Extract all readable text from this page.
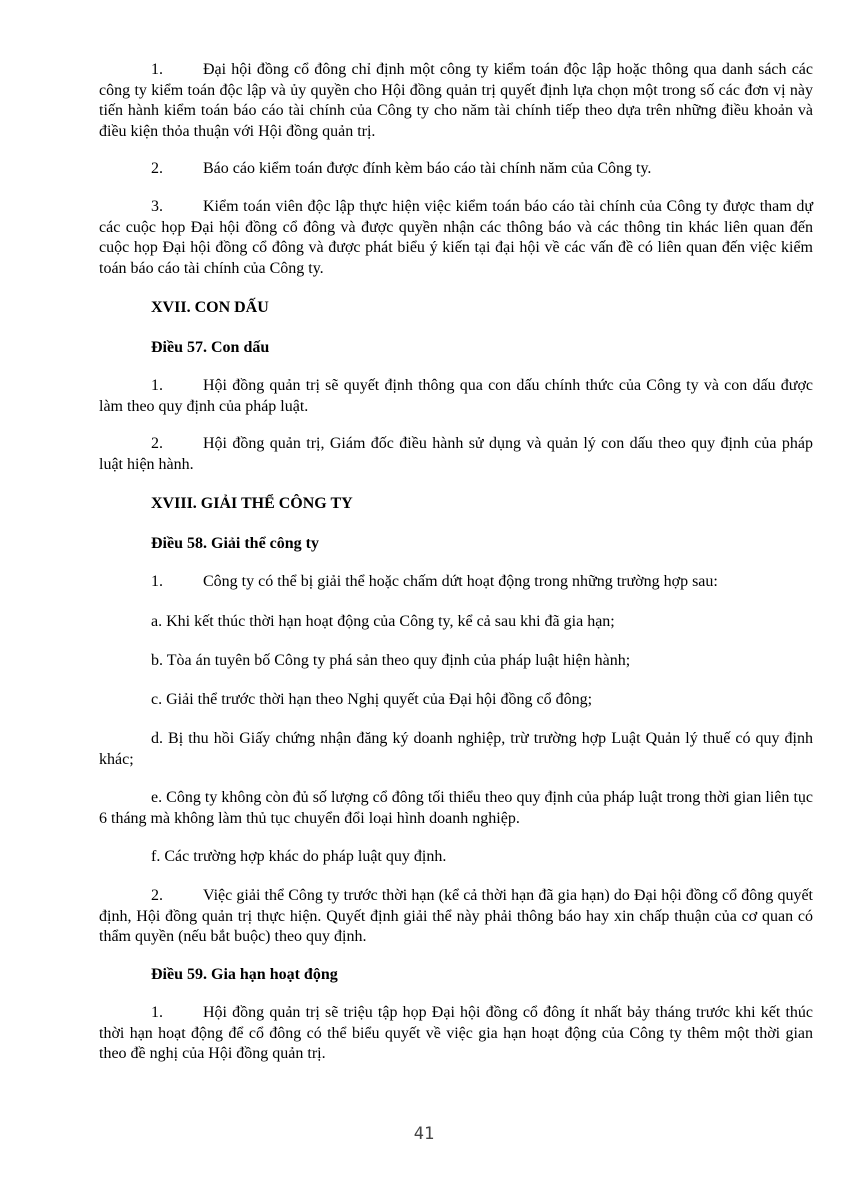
1.	Đại hội đồng cổ đông chỉ định một công ty kiểm toán độc lập hoặc thông qua danh sách các công ty kiểm toán độc lập và ủy quyền cho Hội đồng quản trị quyết định lựa chọn một trong số các đơn vị này tiến hành kiểm toán báo cáo tài chính của Công ty cho năm tài chính tiếp theo dựa trên những điều khoản và điều kiện thỏa thuận với Hội đồng quản trị.

2.	Báo cáo kiểm toán được đính kèm báo cáo tài chính năm của Công ty.

3.	Kiểm toán viên độc lập thực hiện việc kiểm toán báo cáo tài chính của Công ty được tham dự các cuộc họp Đại hội đồng cổ đông và được quyền nhận các thông báo và các thông tin khác liên quan đến cuộc họp Đại hội đồng cổ đông và được phát biểu ý kiến tại đại hội về các vấn đề có liên quan đến việc kiểm toán báo cáo tài chính của Công ty.

XVII. CON DẤU
Điều 57. Con dấu

1.	Hội đồng quản trị sẽ quyết định thông qua con dấu chính thức của Công ty và con dấu được làm theo quy định của pháp luật.

2.	Hội đồng quản trị, Giám đốc điều hành sử dụng và quản lý con dấu theo quy định của pháp luật hiện hành.

XVIII. GIẢI THỂ CÔNG TY
Điều 58. Giải thể công ty

1.	Công ty có thể bị giải thể hoặc chấm dứt hoạt động trong những trường hợp sau:

a. Khi kết thúc thời hạn hoạt động của Công ty, kể cả sau khi đã gia hạn;

b. Tòa án tuyên bố Công ty phá sản theo quy định của pháp luật hiện hành;

c. Giải thể trước thời hạn theo Nghị quyết của Đại hội đồng cổ đông;

d. Bị thu hồi Giấy chứng nhận đăng ký doanh nghiệp, trừ trường hợp Luật Quản lý thuế có quy định khác;

e. Công ty không còn đủ số lượng cổ đông tối thiểu theo quy định của pháp luật trong thời gian liên tục 6 tháng mà không làm thủ tục chuyển đổi loại hình doanh nghiệp.

f. Các trường hợp khác do pháp luật quy định.

2.	Việc giải thể Công ty trước thời hạn (kể cả thời hạn đã gia hạn) do Đại hội đồng cổ đông quyết định, Hội đồng quản trị thực hiện. Quyết định giải thể này phải thông báo hay xin chấp thuận của cơ quan có thẩm quyền (nếu bắt buộc) theo quy định.

Điều 59. Gia hạn hoạt động

1.	Hội đồng quản trị sẽ triệu tập họp Đại hội đồng cổ đông ít nhất bảy tháng trước khi kết thúc thời hạn hoạt động để cổ đông có thể biểu quyết về việc gia hạn hoạt động của Công ty thêm một thời gian theo đề nghị của Hội đồng quản trị.

41
